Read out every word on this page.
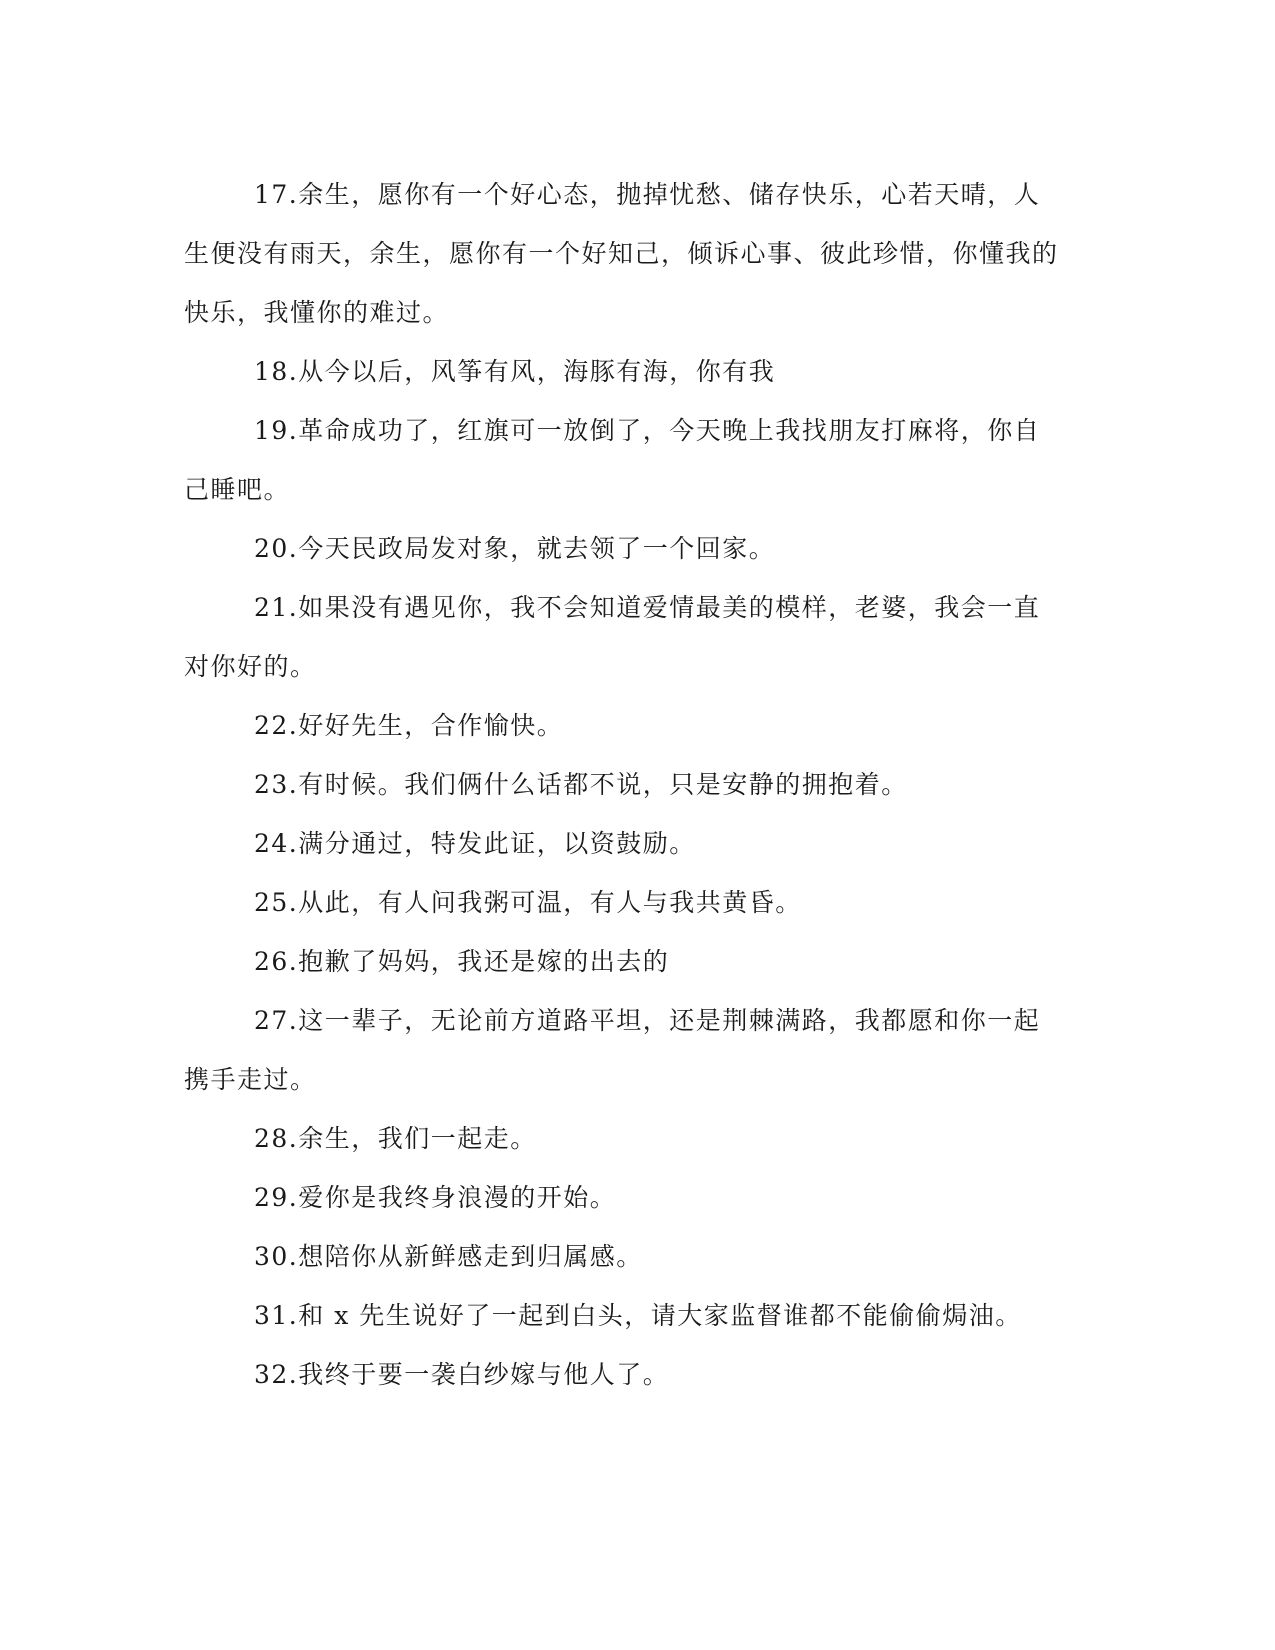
17.余生，愿你有一个好心态，抛掉忧愁、储存快乐，心若天晴，人生便没有雨天，余生，愿你有一个好知己，倾诉心事、彼此珍惜，你懂我的快乐，我懂你的难过。

18.从今以后，风筝有风，海豚有海，你有我

19.革命成功了，红旗可一放倒了，今天晚上我找朋友打麻将，你自己睡吧。

20.今天民政局发对象，就去领了一个回家。

21.如果没有遇见你，我不会知道爱情最美的模样，老婆，我会一直对你好的。

22.好好先生，合作愉快。

23.有时候。我们俩什么话都不说，只是安静的拥抱着。

24.满分通过，特发此证，以资鼓励。

25.从此，有人问我粥可温，有人与我共黄昏。

26.抱歉了妈妈，我还是嫁的出去的

27.这一辈子，无论前方道路平坦，还是荆棘满路，我都愿和你一起携手走过。

28.余生，我们一起走。

29.爱你是我终身浪漫的开始。

30.想陪你从新鲜感走到归属感。

31.和 x 先生说好了一起到白头，请大家监督谁都不能偷偷焗油。

32.我终于要一袭白纱嫁与他人了。
